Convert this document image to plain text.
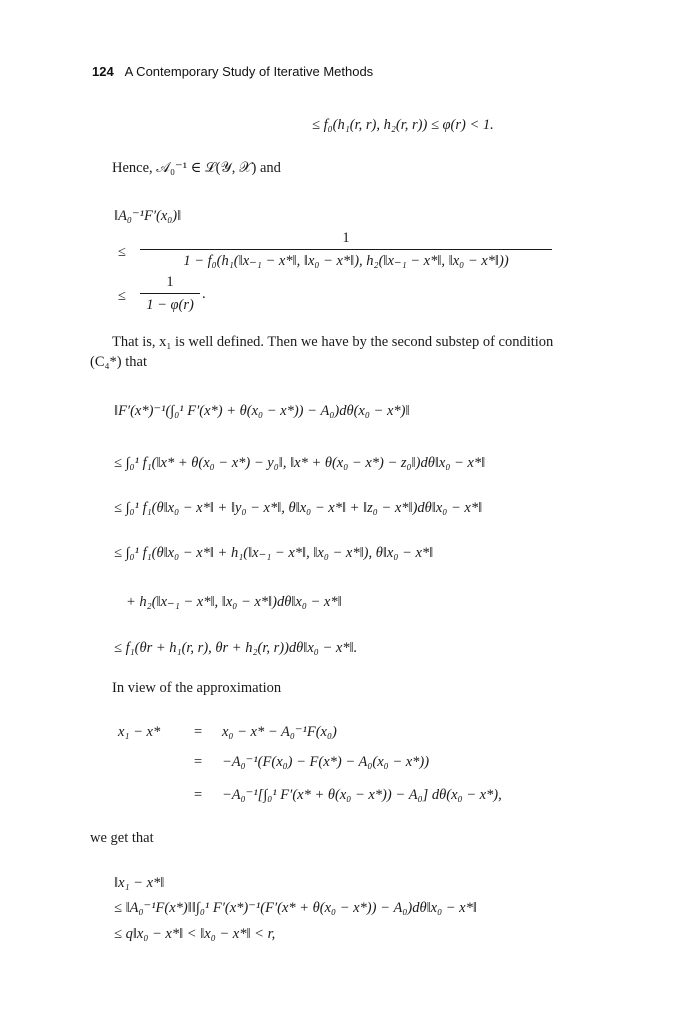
124 A Contemporary Study of Iterative Methods
≤ f₀(h₁(r, r), h₂(r, r)) ≤ φ(r) < 1.
Hence, 𝒜₀⁻¹ ∈ ℒ(𝒴, 𝒳) and
‖A₀⁻¹F′(x₀)‖
≤
1
1 − f₀(h₁(‖x₋₁ − x*‖, ‖x₀ − x*‖), h₂(‖x₋₁ − x*‖, ‖x₀ − x*‖))
≤
1
1 − φ(r)
.
That is, x₁ is well defined. Then we have by the second substep of condition
(C₄*) that
‖F′(x*)⁻¹(∫₀¹ F′(x*) + θ(x₀ − x*)) − A₀)dθ(x₀ − x*)‖
≤ ∫₀¹ f₁(‖x* + θ(x₀ − x*) − y₀‖, ‖x* + θ(x₀ − x*) − z₀‖)dθ‖x₀ − x*‖
≤ ∫₀¹ f₁(θ‖x₀ − x*‖ + ‖y₀ − x*‖, θ‖x₀ − x*‖ + ‖z₀ − x*‖)dθ‖x₀ − x*‖
≤ ∫₀¹ f₁(θ‖x₀ − x*‖ + h₁(‖x₋₁ − x*‖, ‖x₀ − x*‖), θ‖x₀ − x*‖
+ h₂(‖x₋₁ − x*‖, ‖x₀ − x*‖)dθ‖x₀ − x*‖
≤ f₁(θr + h₁(r, r), θr + h₂(r, r))dθ‖x₀ − x*‖.
In view of the approximation
x₁ − x* = x₀ − x* − A₀⁻¹F(x₀)
= −A₀⁻¹(F(x₀) − F(x*) − A₀(x₀ − x*))
= −A₀⁻¹[∫₀¹ F′(x* + θ(x₀ − x*)) − A₀] dθ(x₀ − x*),
we get that
‖x₁ − x*‖
≤ ‖A₀⁻¹F(x*)‖‖∫₀¹ F′(x*)⁻¹(F′(x* + θ(x₀ − x*)) − A₀)dθ‖x₀ − x*‖
≤ q‖x₀ − x*‖ < ‖x₀ − x*‖ < r,
